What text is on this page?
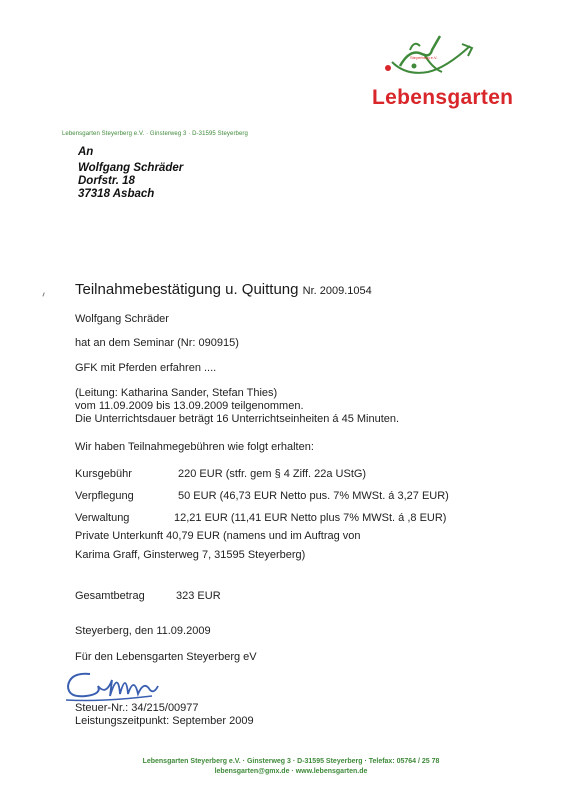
Steyerberg e.V.
Lebensgarten
Lebensgarten Steyerberg e.V. · Ginsterweg 3 · D-31595 Steyerberg
An
Wolfgang Schräder
Dorfstr. 18
37318 Asbach
Teilnahmebestätigung u. Quittung Nr. 2009.1054
Wolfgang Schräder
hat an dem Seminar (Nr: 090915)
GFK mit Pferden erfahren ....
(Leitung: Katharina Sander, Stefan Thies)
vom 11.09.2009 bis 13.09.2009 teilgenommen.
Die Unterrichtsdauer beträgt 16 Unterrichtseinheiten á 45 Minuten.
Wir haben Teilnahmegebühren wie folgt erhalten:
Kursgebühr	220 EUR (stfr. gem § 4 Ziff. 22a UStG)
Verpflegung	50 EUR (46,73 EUR Netto pus. 7% MWSt. á 3,27 EUR)
Verwaltung	12,21 EUR (11,41 EUR Netto plus 7% MWSt. á ,8 EUR)
Private Unterkunft 40,79 EUR (namens und im Auftrag von
Karima Graff, Ginsterweg 7, 31595 Steyerberg)
Gesamtbetrag	323 EUR
Steyerberg, den 11.09.2009
Für den Lebensgarten Steyerberg eV
Steuer-Nr.: 34/215/00977
Leistungszeitpunkt: September 2009
Lebensgarten Steyerberg e.V. · Ginsterweg 3 · D-31595 Steyerberg · Telefax: 05764 / 25 78
lebensgarten@gmx.de · www.lebensgarten.de
